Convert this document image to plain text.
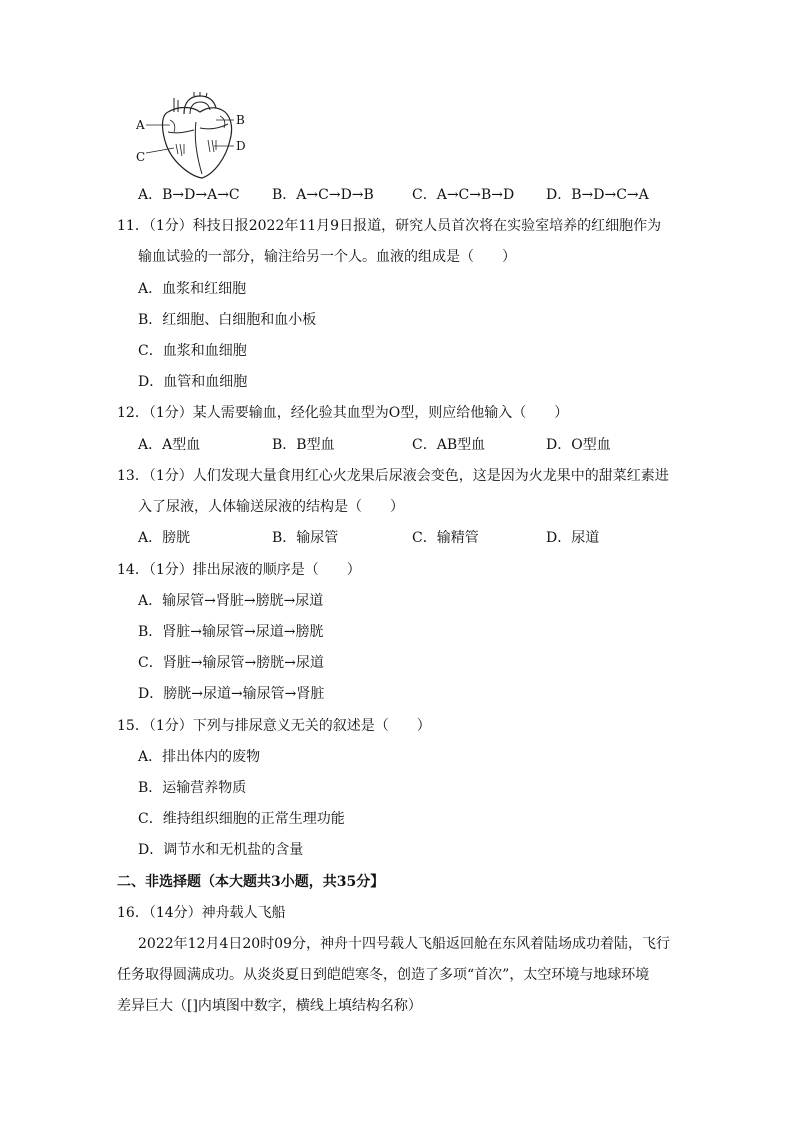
A
C
B
D
A．B→D→A→C B．A→C→D→B	C．A→C→B→D D．B→D→C→A
11．（1分）科技日报2022年11月9日报道，研究人员首次将在实验室培养的红细胞作为
输血试验的一部分，输注给另一个人。血液的组成是（　　）
A．血浆和红细胞
B．红细胞、白细胞和血小板
C．血浆和血细胞
D．血管和血细胞
12．（1分）某人需要输血，经化验其血型为O型，则应给他输入（　　）
A．A型血	B．B型血	C．AB型血	D．O型血
13．（1分）人们发现大量食用红心火龙果后尿液会变色，这是因为火龙果中的甜菜红素进
入了尿液，人体输送尿液的结构是（　　）
A．膀胱	B．输尿管	C．输精管	D．尿道
14．（1分）排出尿液的顺序是（　　）
A．输尿管→肾脏→膀胱→尿道
B．肾脏→输尿管→尿道→膀胱
C．肾脏→输尿管→膀胱→尿道
D．膀胱→尿道→输尿管→肾脏
15．（1分）下列与排尿意义无关的叙述是（　　）
A．排出体内的废物
B．运输营养物质
C．维持组织细胞的正常生理功能
D．调节水和无机盐的含量
二、非选择题（本大题共3小题，共35分】
16．（14分）神舟载人飞船
2022年12月4日20时09分，神舟十四号载人飞船返回舱在东风着陆场成功着陆，飞行
任务取得圆满成功。从炎炎夏日到皑皑寒冬，创造了多项“首次”，太空环境与地球环境
差异巨大（[]内填图中数字，横线上填结构名称）
